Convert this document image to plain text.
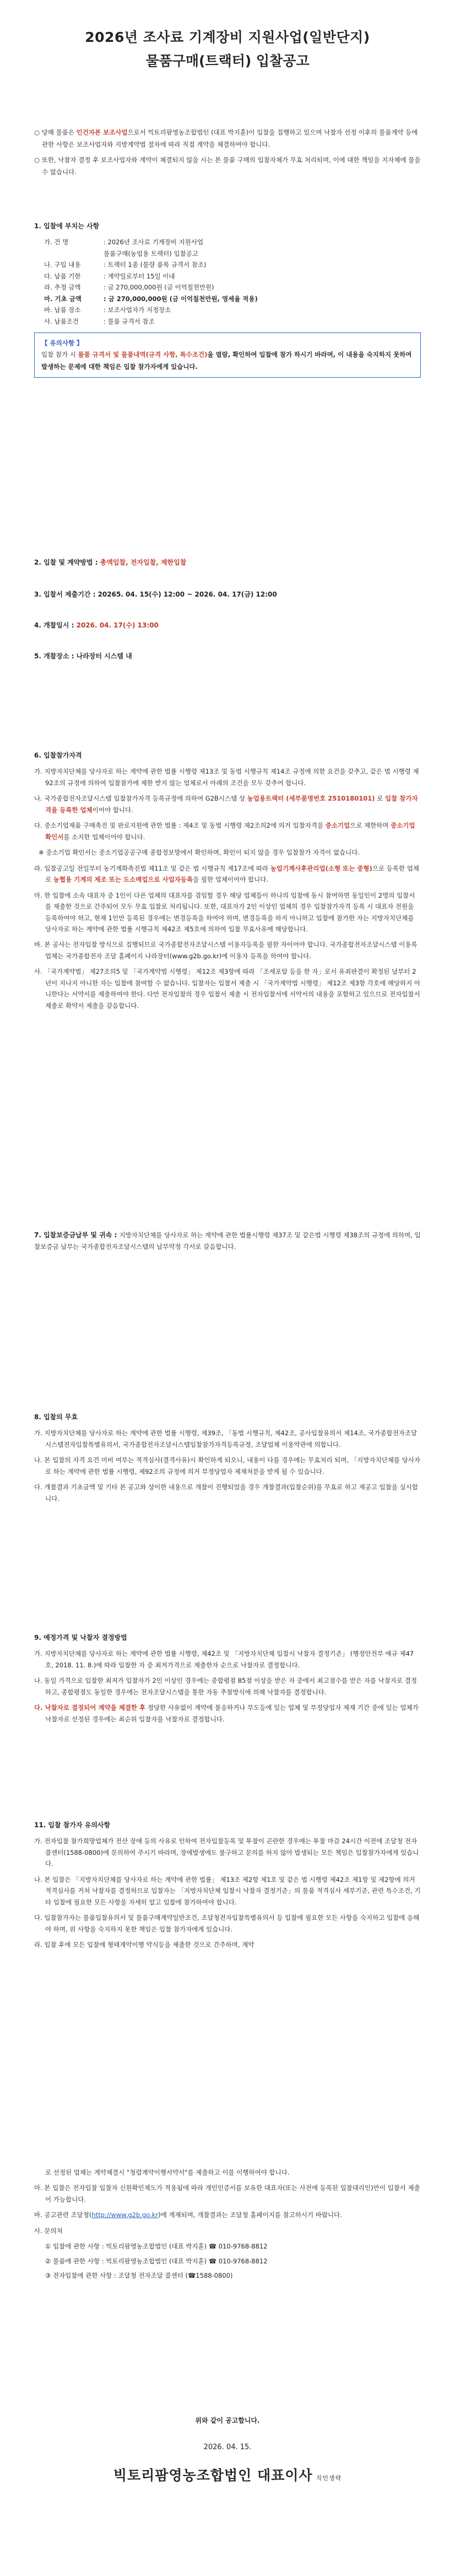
2026년 조사료 기계장비 지원사업(일반단지)
물품구매(트랙터) 입찰공고

○ 당해 물품은 인건자본 보조사업으로서 빅토리팜영농조합법인 (대표 박지훈)이 입찰을 집행하고 있으며 낙찰자 선정 이후의 물품계약 등에 관한 사항은 보조사업자와 지방계약법 절차에 따라 직접 계약을 체결하여야 합니다.

○ 또한, 낙찰자 결정 후 보조사업자와 계약이 체결되지 않을 시는 본 물품 구매의 입찰자체가 무효 처리되며, 이에 대한 책임을 지자체에 물을 수 없습니다.

1. 입찰에 부치는 사항
가. 건 명	: 2026년 조사료 기계장비 지원사업
물품구매(농업용 트랙터) 입찰공고
나. 구입 내용	: 트랙터 1종 (물량 품목 규격서 참조)
다. 납품 기한	: 계약일로부터 15일 이내
라. 추정 금액	: 금 270,000,000원 (금 이억칠천만원)
마. 기초 금액	: 금 270,000,000원 (금 이억칠천만원, 영세율 적용)
바. 납품 장소	: 보조사업자가 지정장소
사. 납품조건	: 물품 규격서 참조
【 유의사항 】
입찰 참가 시 물품 규격서 및 물품내역(규격 사항, 특수조건)을 열람, 확인하여 입찰에 참가 하시기 바라며, 이 내용을 숙지하지 못하여 발생하는 문제에 대한 책임은 입찰 참가자에게 있습니다.
2. 입찰 및 계약방법 : 총액입찰, 전자입찰, 제한입찰
3. 입찰서 제출기간 : 20265. 04. 15(수) 12:00 ~ 2026. 04. 17(금) 12:00
4. 개찰일시 : 2026. 04. 17(수) 13:00
5. 개찰장소 : 나라장터 시스템 내
6. 입찰참가자격

가. 지방자치단체를 당사자로 하는 계약에 관한 법률 시행령 제13조 및 동법 시행규칙 제14조 규정에 의한 요건을 갖추고, 같은 법 시행령 제92조의 규정에 의하여 입찰참가에 제한 받지 않는 업체로서 아래의 조건을 모두 갖추어 합니다.

나. 국가종합전자조달시스템 입찰참가자격 등록규정에 의하여 G2B시스템 상 농업용트랙터 (세부품명번호 2510180101) 로 입찰 참가자격을 등록한 업체이어야 합니다.

다. 중소기업제품 구매촉진 및 판로지원에 관한 법률 : 제4조 및 동법 시행령 제2조의2에 의거 입찰자격을 중소기업으로 제한하며 중소기업 확인서를 소지한 업체이어야 합니다.

※ 중소기업 확인서는 중소기업공공구매 종합정보망에서 확인하며, 확인이 되지 않을 경우 입찰참가 자격이 없습니다.

라. 입찰공고일 전일부터 농기계화촉진법 제11조 및 같은 법 시행규칙 제17조에 따라 농업기계사후관리업(소형 또는 중형)으로 등록한 업체로 농협용 기계의 제조 또는 도소매업으로 사업자등록을 필한 업체이어야 합니다.

마. 한 입찰에 소속 대표자 중 1인이 다른 업체의 대표자를 겸임할 경우 해당 업체들이 하나의 입찰에 동시 참여하면 동일인이 2명의 입찰서를 제출한 것으로 간주되어 모두 무효 입찰로 처리됩니다. 또한, 대표자가 2인 이상인 업체의 경우 입찰참가자격 등록 시 대표자 전원을 등록하여야 하고, 현재 1인만 등록된 경우에는 변경등록을 하여야 하며, 변경등록을 하지 아니하고 입찰에 참가한 자는 지방자치단체를 당사자로 하는 계약에 관한 법률 시행규칙 제42조 제5호에 의하여 입찰 무효사유에 해당합니다.

바. 본 공사는 전자입찰 방식으로 집행되므로 국가종합전자조달시스템 이용자등록을 필한 자이어야 합니다. 국가종합전자조달시스템 이용록 업체는 국가종합전자 조달 홈페이지 나라장터(www.g2b.go.kr)에 이용자 등록을 하여야 합니다.

사. 「국가계약법」 제27조의5 및 「국가계약법 시행령」 제12조 제3항에 따라 「조세포탈 등을 한 자」로서 유죄판결이 확정된 날부터 2년이 지나지 아니한 자는 입찰에 참여할 수 없습니다. 입찰자는 입찰서 제출 시 「국가계약법 시행령」 제12조 제3항 각호에 해당하지 아니한다는 서약서를 제출하여야 한다. 다만 전자입찰의 경우 입찰서 제출 시 전자입찰서에 서약서의 내용을 포함하고 있으므로 전자입찰서 제출로 확약서 제출을 갈음합니다.

7. 입찰보증금납부 및 귀속 : 지방자치단체를 당사자로 하는 계약에 관한 법률시행령 제37조 및 같은법 시행령 제38조의 규정에 의하며, 입찰보증금 납부는 국가종합전자조달시스템의 납부약정 각서로 갈음합니다.
8. 입찰의 무효

가. 지방자치단체를 당사자로 하는 계약에 관한 법률 시행령, 제39조, 「동법 시행규칙, 제42조, 공사입찰유의서 제14조, 국가종합전자조달시스템전자입찰특별유의서, 국가종합전자조달시스템입찰참가자격등록규정, 조달업체 이용약관에 의합니다.

나. 본 입찰의 자격 요건 미비 여부는 적격심사(결격사유)시 확인하게 되오니, 내용이 다를 경우에는 무효처리 되며, 「지방자치단체를 당사자로 하는 계약에 관한 법률 시행령, 제92조의 규정에 의거 부정당업자 제재처분을 받게 될 수 있습니다.

다. 개찰결과 기초금액 및 기타 본 공고와 상이한 내용으로 개찰이 진행되었을 경우 개찰결과(입찰순위)를 무효로 하고 재공고 입찰을 실시합니다.

9. 예정가격 및 낙찰자 결정방법

가. 지방자치단체를 당사자로 하는 계약에 관한 법률 시행령, 제42조 및 「지방자치단체 입찰시 낙찰자 결정기준」 (행정안전부 예규 제47호, 2018. 11. 8.)에 따라 입찰한 자 중 최저가격으로 제출한자 순으로 낙찰자로 결정합니다.

나. 동일 가격으로 입찰한 최저가 입찰자가 2인 이상인 경우에는 종합평점 85점 이상을 받은 자 중에서 최고점수를 받은 자를 낙찰자로 결정하고, 종합평점도 동일한 경우에는 전자조달시스템을 통한 자동 추첨방식에 의해 낙찰자를 결정합니다.

다. 낙찰자로 결정되어 계약을 체결한 후 정당한 사유없이 계약에 불응하거나 부도등에 있는 업체 및 부정당업자 제재 기간 중에 있는 업체가 낙찰자로 선정된 경우에는 최순위 입찰자를 낙찰자로 결정합니다.

11. 입찰 참가자 유의사항

가. 전자입찰 참가희망업체가 전산 장애 등의 사유로 인하여 전자입찰등록 및 투찰이 곤란한 경우에는 투찰 마감 24시간 이전에 조달청 전자콜센터(1588-0800)에 문의하여 주시기 바라며, 장애발생에도 불구하고 문의를 하지 않아 발생되는 모든 책임은 입찰참가자에게 있습니다.

나. 본 입찰은 「지방자치단체를 당사자로 하는 계약에 관한 법률」 제13조 제2항 제1호 및 같은 법 시행령 제42조 제1항 및 제2항에 의거 적격심사를 거쳐 낙찰자를 결정하므로 입찰자는 「지방자치단체 입찰시 낙찰자 결정기준」의 물품 적격심사 세부기준, 관련 특수조건, 기타 입찰에 필요한 모든 사항을 자세히 알고 입찰에 참가하여야 합니다.

다. 입찰참가자는 물품입찰유의서 및 물품구매계약일반조건, 조달청전자입찰특별유의서 등 입찰에 필요한 모든 사항을 숙지하고 입찰에 응해야 하며, 위 사항을 숙지하지 못한 책임은 입찰 참가자에게 있습니다.

라. 입찰 후에 모든 입찰에 형태계약이행 약식등을 제출한 것으로 간주하며, 계약

로 선정된 업체는 계약체결시 "청렴계약이행서약서"를 제출하고 이를 이행하여야 합니다.

마. 본 입찰은 전자입찰 입찰자 신원확인제도가 적용됨에 따라 개인인증서를 보유한 대표자(또는 사전에 등록된 입찰대리인)만이 입찰서 제출이 가능합니다.

바. 공고관련 조달청(http://www.g2b.go.kr)에 게재되며, 개찰결과는 조달청 홈페이지를 참고하시기 바랍니다.

사. 문의처

① 입찰에 관한 사항 : 빅토리팜영농조합법인 (대표 박지훈) ☎ 010-9768-8812

② 물품에 관한 사항 : 빅토리팜영농조합법인 (대표 박지훈) ☎ 010-9768-8812

③ 전자입찰에 관한 사항 : 조달청 전자조달 콜센터 (☎1588-0800)

위와 같이 공고합니다.
2026. 04. 15.
빅토리팜영농조합법인 대표이사 직인생략
